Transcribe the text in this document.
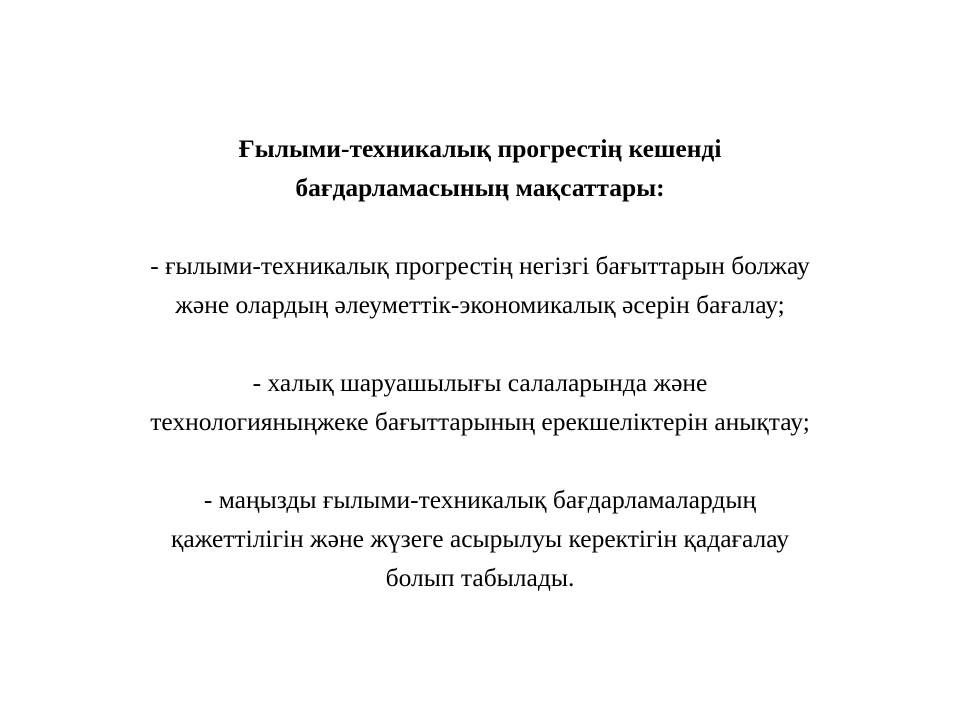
Ғылыми-техникалық прогрестің кешенді
бағдарламасының мақсаттары:
- ғылыми-техникалық прогрестің негізгі бағыттарын болжау
және олардың әлеуметтік-экономикалық әсерін бағалау;
- халық шаруашылығы салаларында және
технологияныңжеке бағыттарының ерекшеліктерін анықтау;
- маңызды ғылыми-техникалық бағдарламалардың
қажеттілігін және жүзеге асырылуы керектігін қадағалау
болып табылады.
